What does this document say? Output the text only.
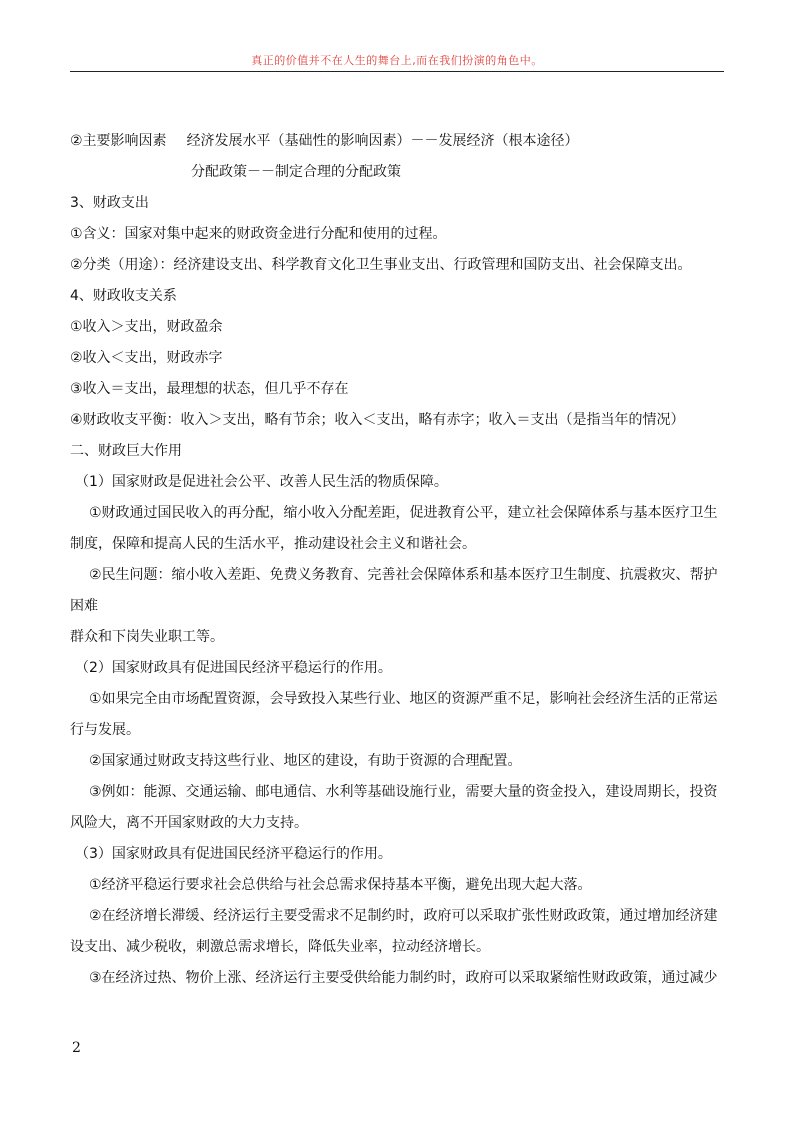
真正的价值并不在人生的舞台上,而在我们扮演的角色中。
②主要影响因素 经济发展水平（基础性的影响因素）－－发展经济（根本途径）
分配政策－－制定合理的分配政策
3、财政支出
①含义：国家对集中起来的财政资金进行分配和使用的过程。
②分类（用途）：经济建设支出、科学教育文化卫生事业支出、行政管理和国防支出、社会保障支出。
4、财政收支关系
①收入＞支出，财政盈余
②收入＜支出，财政赤字
③收入＝支出，最理想的状态，但几乎不存在
④财政收支平衡：收入＞支出，略有节余；收入＜支出，略有赤字；收入＝支出（是指当年的情况）
二、财政巨大作用
（1）国家财政是促进社会公平、改善人民生活的物质保障。
①财政通过国民收入的再分配，缩小收入分配差距，促进教育公平，建立社会保障体系与基本医疗卫生
制度，保障和提高人民的生活水平，推动建设社会主义和谐社会。
②民生问题：缩小收入差距、免费义务教育、完善社会保障体系和基本医疗卫生制度、抗震救灾、帮护
困难
群众和下岗失业职工等。
（2）国家财政具有促进国民经济平稳运行的作用。
①如果完全由市场配置资源，会导致投入某些行业、地区的资源严重不足，影响社会经济生活的正常运
行与发展。
②国家通过财政支持这些行业、地区的建设，有助于资源的合理配置。
③例如：能源、交通运输、邮电通信、水利等基础设施行业，需要大量的资金投入，建设周期长，投资
风险大，离不开国家财政的大力支持。
（3）国家财政具有促进国民经济平稳运行的作用。
①经济平稳运行要求社会总供给与社会总需求保持基本平衡，避免出现大起大落。
②在经济增长滞缓、经济运行主要受需求不足制约时，政府可以采取扩张性财政政策，通过增加经济建
设支出、减少税收，刺激总需求增长，降低失业率，拉动经济增长。
③在经济过热、物价上涨、经济运行主要受供给能力制约时，政府可以采取紧缩性财政政策，通过减少
2
